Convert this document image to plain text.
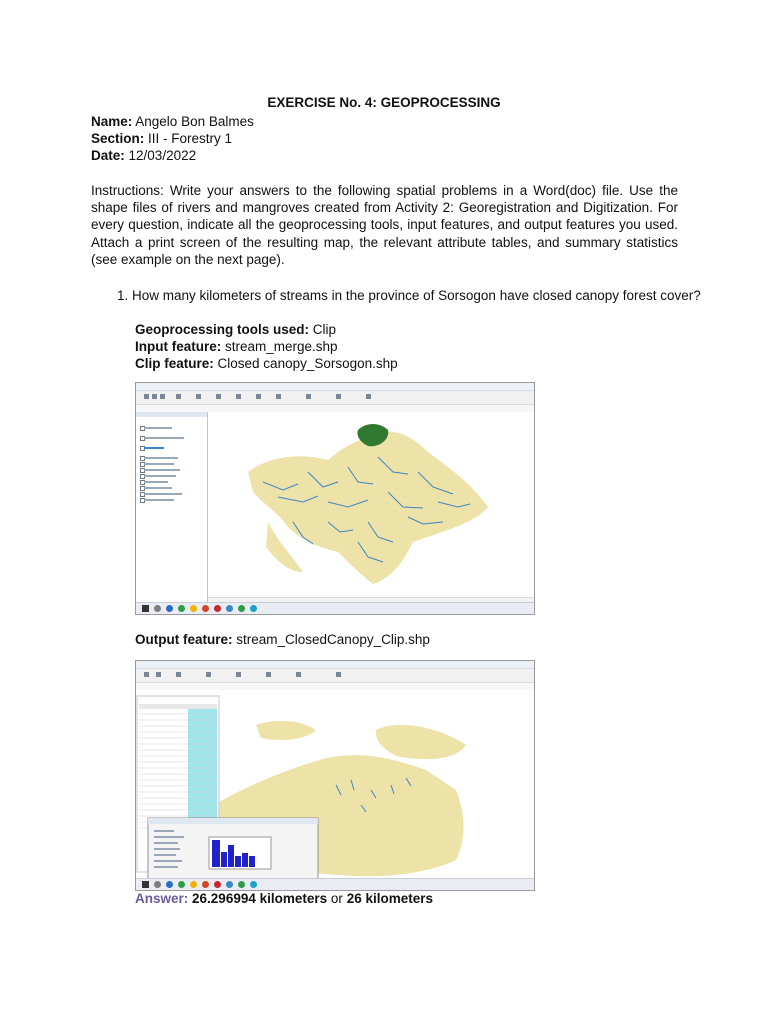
EXERCISE No. 4: GEOPROCESSING
Name: Angelo Bon Balmes
Section: III - Forestry 1
Date: 12/03/2022
Instructions: Write your answers to the following spatial problems in a Word(doc) file. Use the shape files of rivers and mangroves created from Activity 2: Georegistration and Digitization. For every question, indicate all the geoprocessing tools, input features, and output features you used. Attach a print screen of the resulting map, the relevant attribute tables, and summary statistics (see example on the next page).
1. How many kilometers of streams in the province of Sorsogon have closed canopy forest cover?
Geoprocessing tools used: Clip
Input feature: stream_merge.shp
Clip feature: Closed canopy_Sorsogon.shp
Output feature: stream_ClosedCanopy_Clip.shp
Answer: 26.296994 kilometers or 26 kilometers
